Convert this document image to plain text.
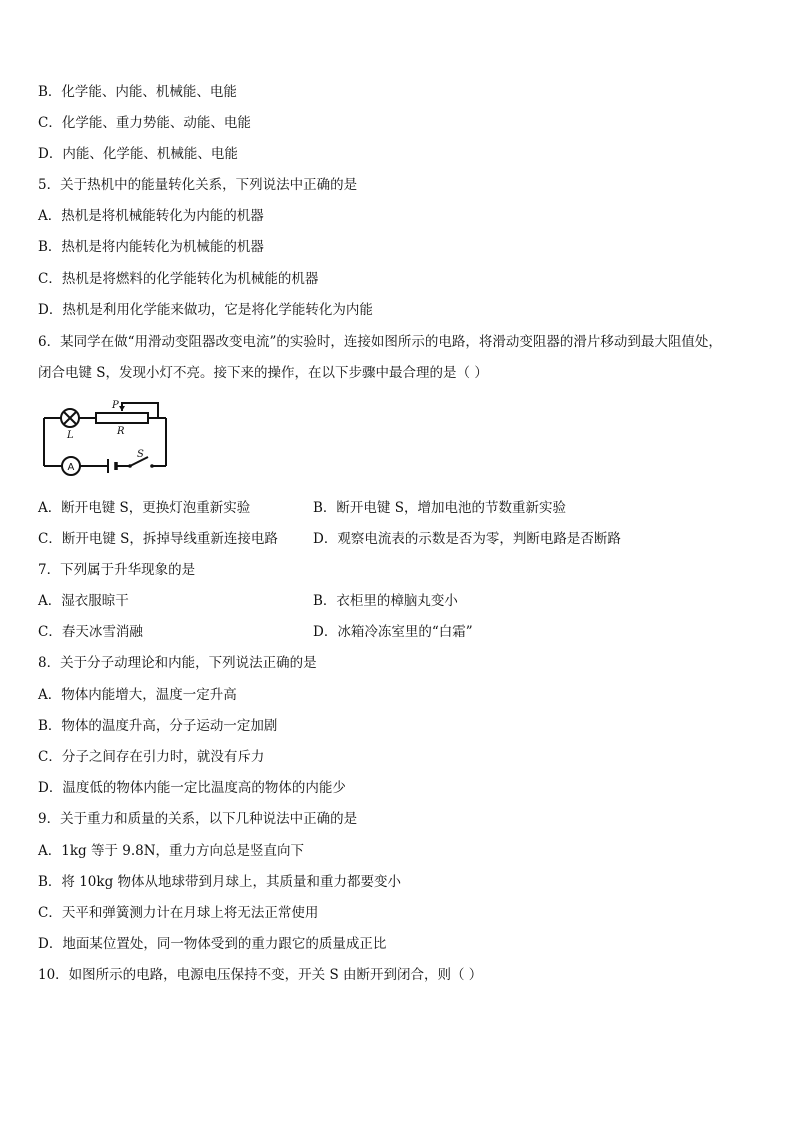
B．化学能、内能、机械能、电能
C．化学能、重力势能、动能、电能
D．内能、化学能、机械能、电能
5．关于热机中的能量转化关系，下列说法中正确的是
A．热机是将机械能转化为内能的机器
B．热机是将内能转化为机械能的机器
C．热机是将燃料的化学能转化为机械能的机器
D．热机是利用化学能来做功，它是将化学能转化为内能
6．某同学在做“用滑动变阻器改变电流”的实验时，连接如图所示的电路，将滑动变阻器的滑片移动到最大阻值处，
闭合电键 S，发现小灯不亮。接下来的操作，在以下步骤中最合理的是（ ）
L	R
P
S
A
A．断开电键 S，更换灯泡重新实验	B．断开电键 S，增加电池的节数重新实验
C．断开电键 S，拆掉导线重新连接电路	D．观察电流表的示数是否为零，判断电路是否断路
7．下列属于升华现象的是
A．湿衣服晾干	B．衣柜里的樟脑丸变小
C．春天冰雪消融	D．冰箱冷冻室里的“白霜”
8．关于分子动理论和内能，下列说法正确的是
A．物体内能增大，温度一定升高
B．物体的温度升高，分子运动一定加剧
C．分子之间存在引力时，就没有斥力
D．温度低的物体内能一定比温度高的物体的内能少
9．关于重力和质量的关系，以下几种说法中正确的是
A．1kg 等于 9.8N，重力方向总是竖直向下
B．将 10kg 物体从地球带到月球上，其质量和重力都要变小
C．天平和弹簧测力计在月球上将无法正常使用
D．地面某位置处，同一物体受到的重力跟它的质量成正比
10．如图所示的电路，电源电压保持不变，开关 S 由断开到闭合，则（ ）
